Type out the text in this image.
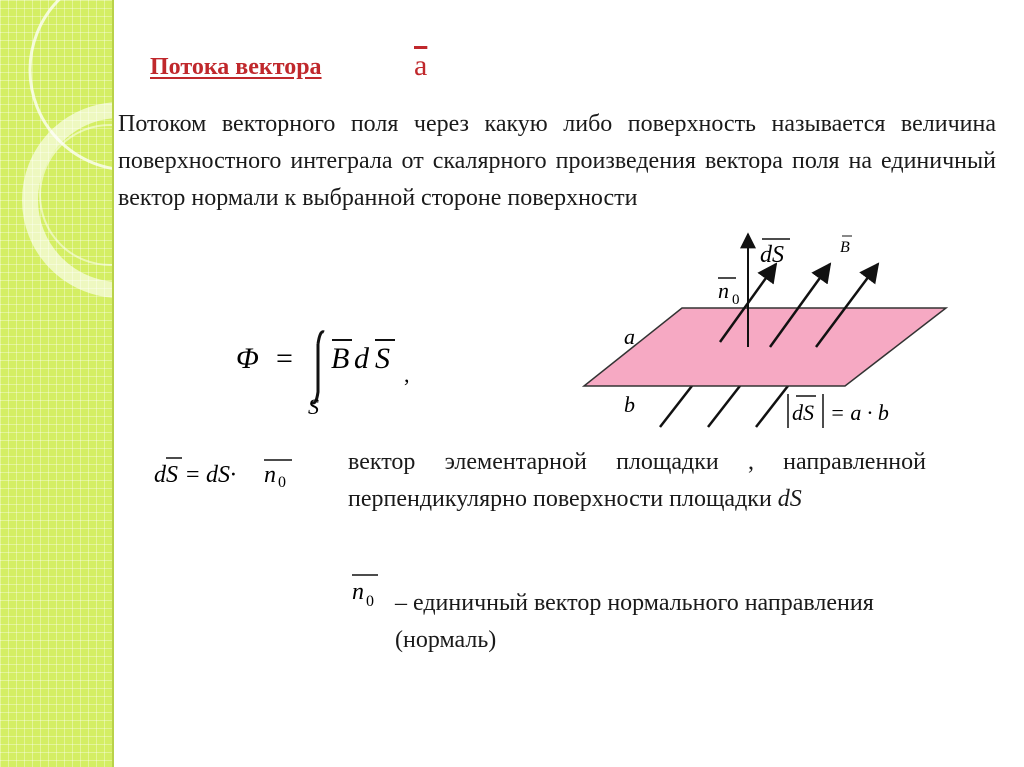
Потока вектора	$\overline{a}$
Потоком векторного поля через какую либо поверхность называется величина поверхностного интеграла от скалярного произведения вектора поля на единичный вектор нормали к выбранной стороне поверхности
Φ = B d S ,
S
d S = dS· n 0
dS	B
n 0
a
b	dS = a · b
вектор элементарной площадки , направленной перпендикулярно поверхности площадки dS
n 0 – единичный вектор нормального направления (нормаль)
